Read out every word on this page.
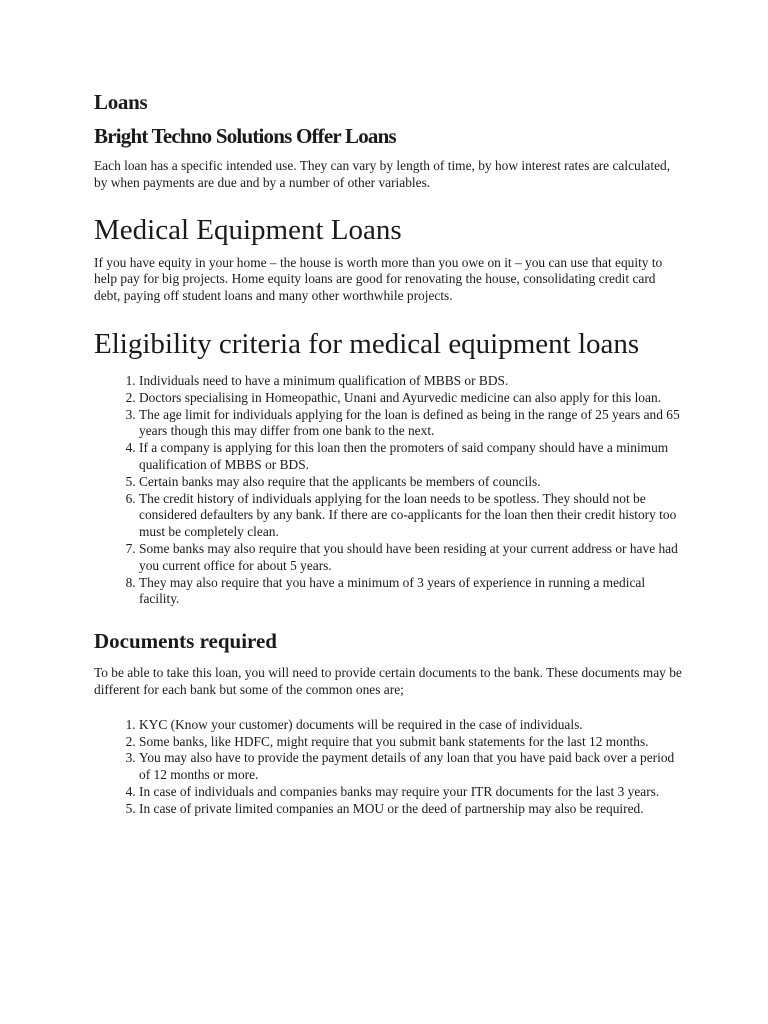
Loans
Bright Techno Solutions Offer Loans

Each loan has a specific intended use. They can vary by length of time, by how interest rates are calculated, by when payments are due and by a number of other variables.

Medical Equipment Loans

If you have equity in your home – the house is worth more than you owe on it – you can use that equity to help pay for big projects. Home equity loans are good for renovating the house, consolidating credit card debt, paying off student loans and many other worthwhile projects.

Eligibility criteria for medical equipment loans
1. Individuals need to have a minimum qualification of MBBS or BDS.
2. Doctors specialising in Homeopathic, Unani and Ayurvedic medicine can also apply for this loan.
3. The age limit for individuals applying for the loan is defined as being in the range of 25 years and 65 years though this may differ from one bank to the next.
4. If a company is applying for this loan then the promoters of said company should have a minimum qualification of MBBS or BDS.
5. Certain banks may also require that the applicants be members of councils.
6. The credit history of individuals applying for the loan needs to be spotless. They should not be considered defaulters by any bank. If there are co-applicants for the loan then their credit history too must be completely clean.
7. Some banks may also require that you should have been residing at your current address or have had you current office for about 5 years.
8. They may also require that you have a minimum of 3 years of experience in running a medical facility.
Documents required

To be able to take this loan, you will need to provide certain documents to the bank. These documents may be different for each bank but some of the common ones are;

1. KYC (Know your customer) documents will be required in the case of individuals.
2. Some banks, like HDFC, might require that you submit bank statements for the last 12 months.
3. You may also have to provide the payment details of any loan that you have paid back over a period of 12 months or more.
4. In case of individuals and companies banks may require your ITR documents for the last 3 years.
5. In case of private limited companies an MOU or the deed of partnership may also be required.
